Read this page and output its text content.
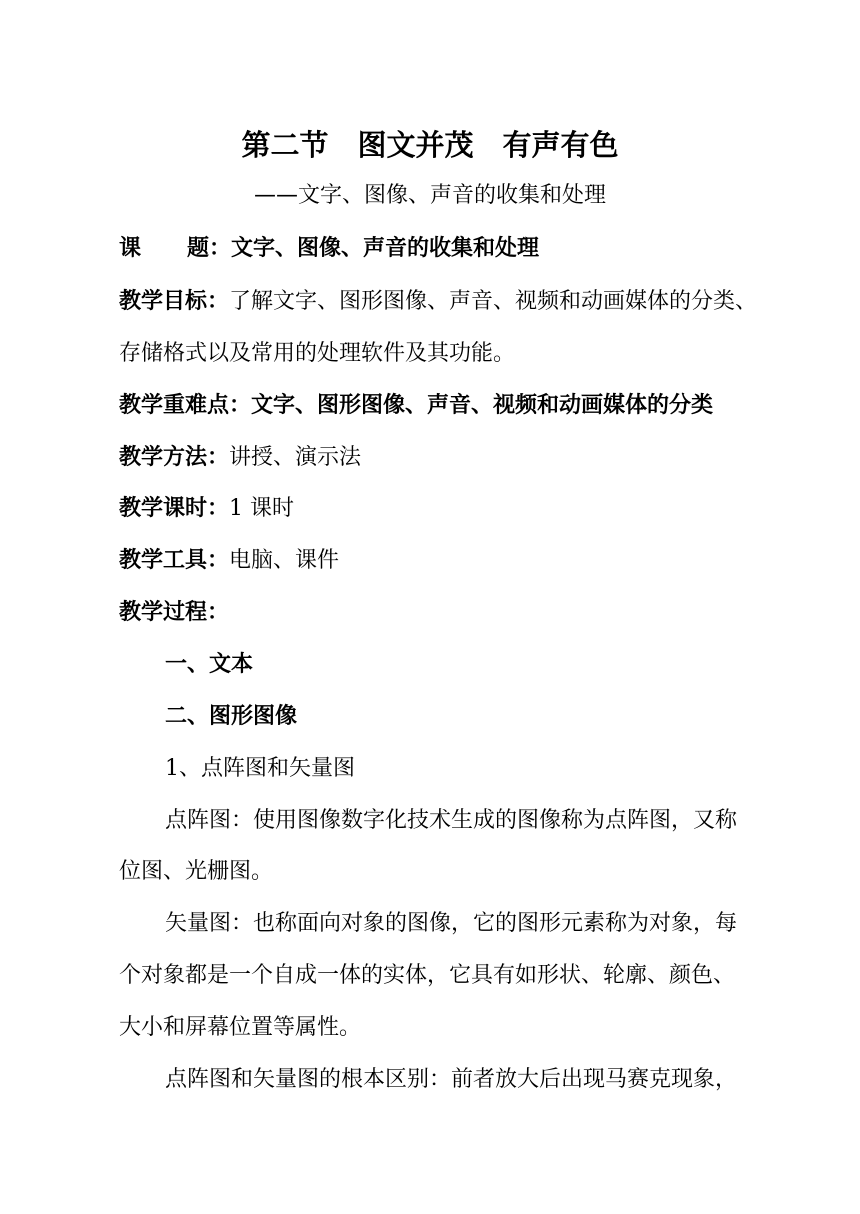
第二节　图文并茂　有声有色
——文字、图像、声音的收集和处理
课 题：文字、图像、声音的收集和处理
教学目标：了解文字、图形图像、声音、视频和动画媒体的分类、
存储格式以及常用的处理软件及其功能。
教学重难点：文字、图形图像、声音、视频和动画媒体的分类
教学方法：讲授、演示法
教学课时：1 课时
教学工具：电脑、课件
教学过程：
一、文本
二、图形图像
1、点阵图和矢量图
点阵图：使用图像数字化技术生成的图像称为点阵图，又称
位图、光栅图。
矢量图：也称面向对象的图像，它的图形元素称为对象，每
个对象都是一个自成一体的实体，它具有如形状、轮廓、颜色、
大小和屏幕位置等属性。
点阵图和矢量图的根本区别：前者放大后出现马赛克现象，
